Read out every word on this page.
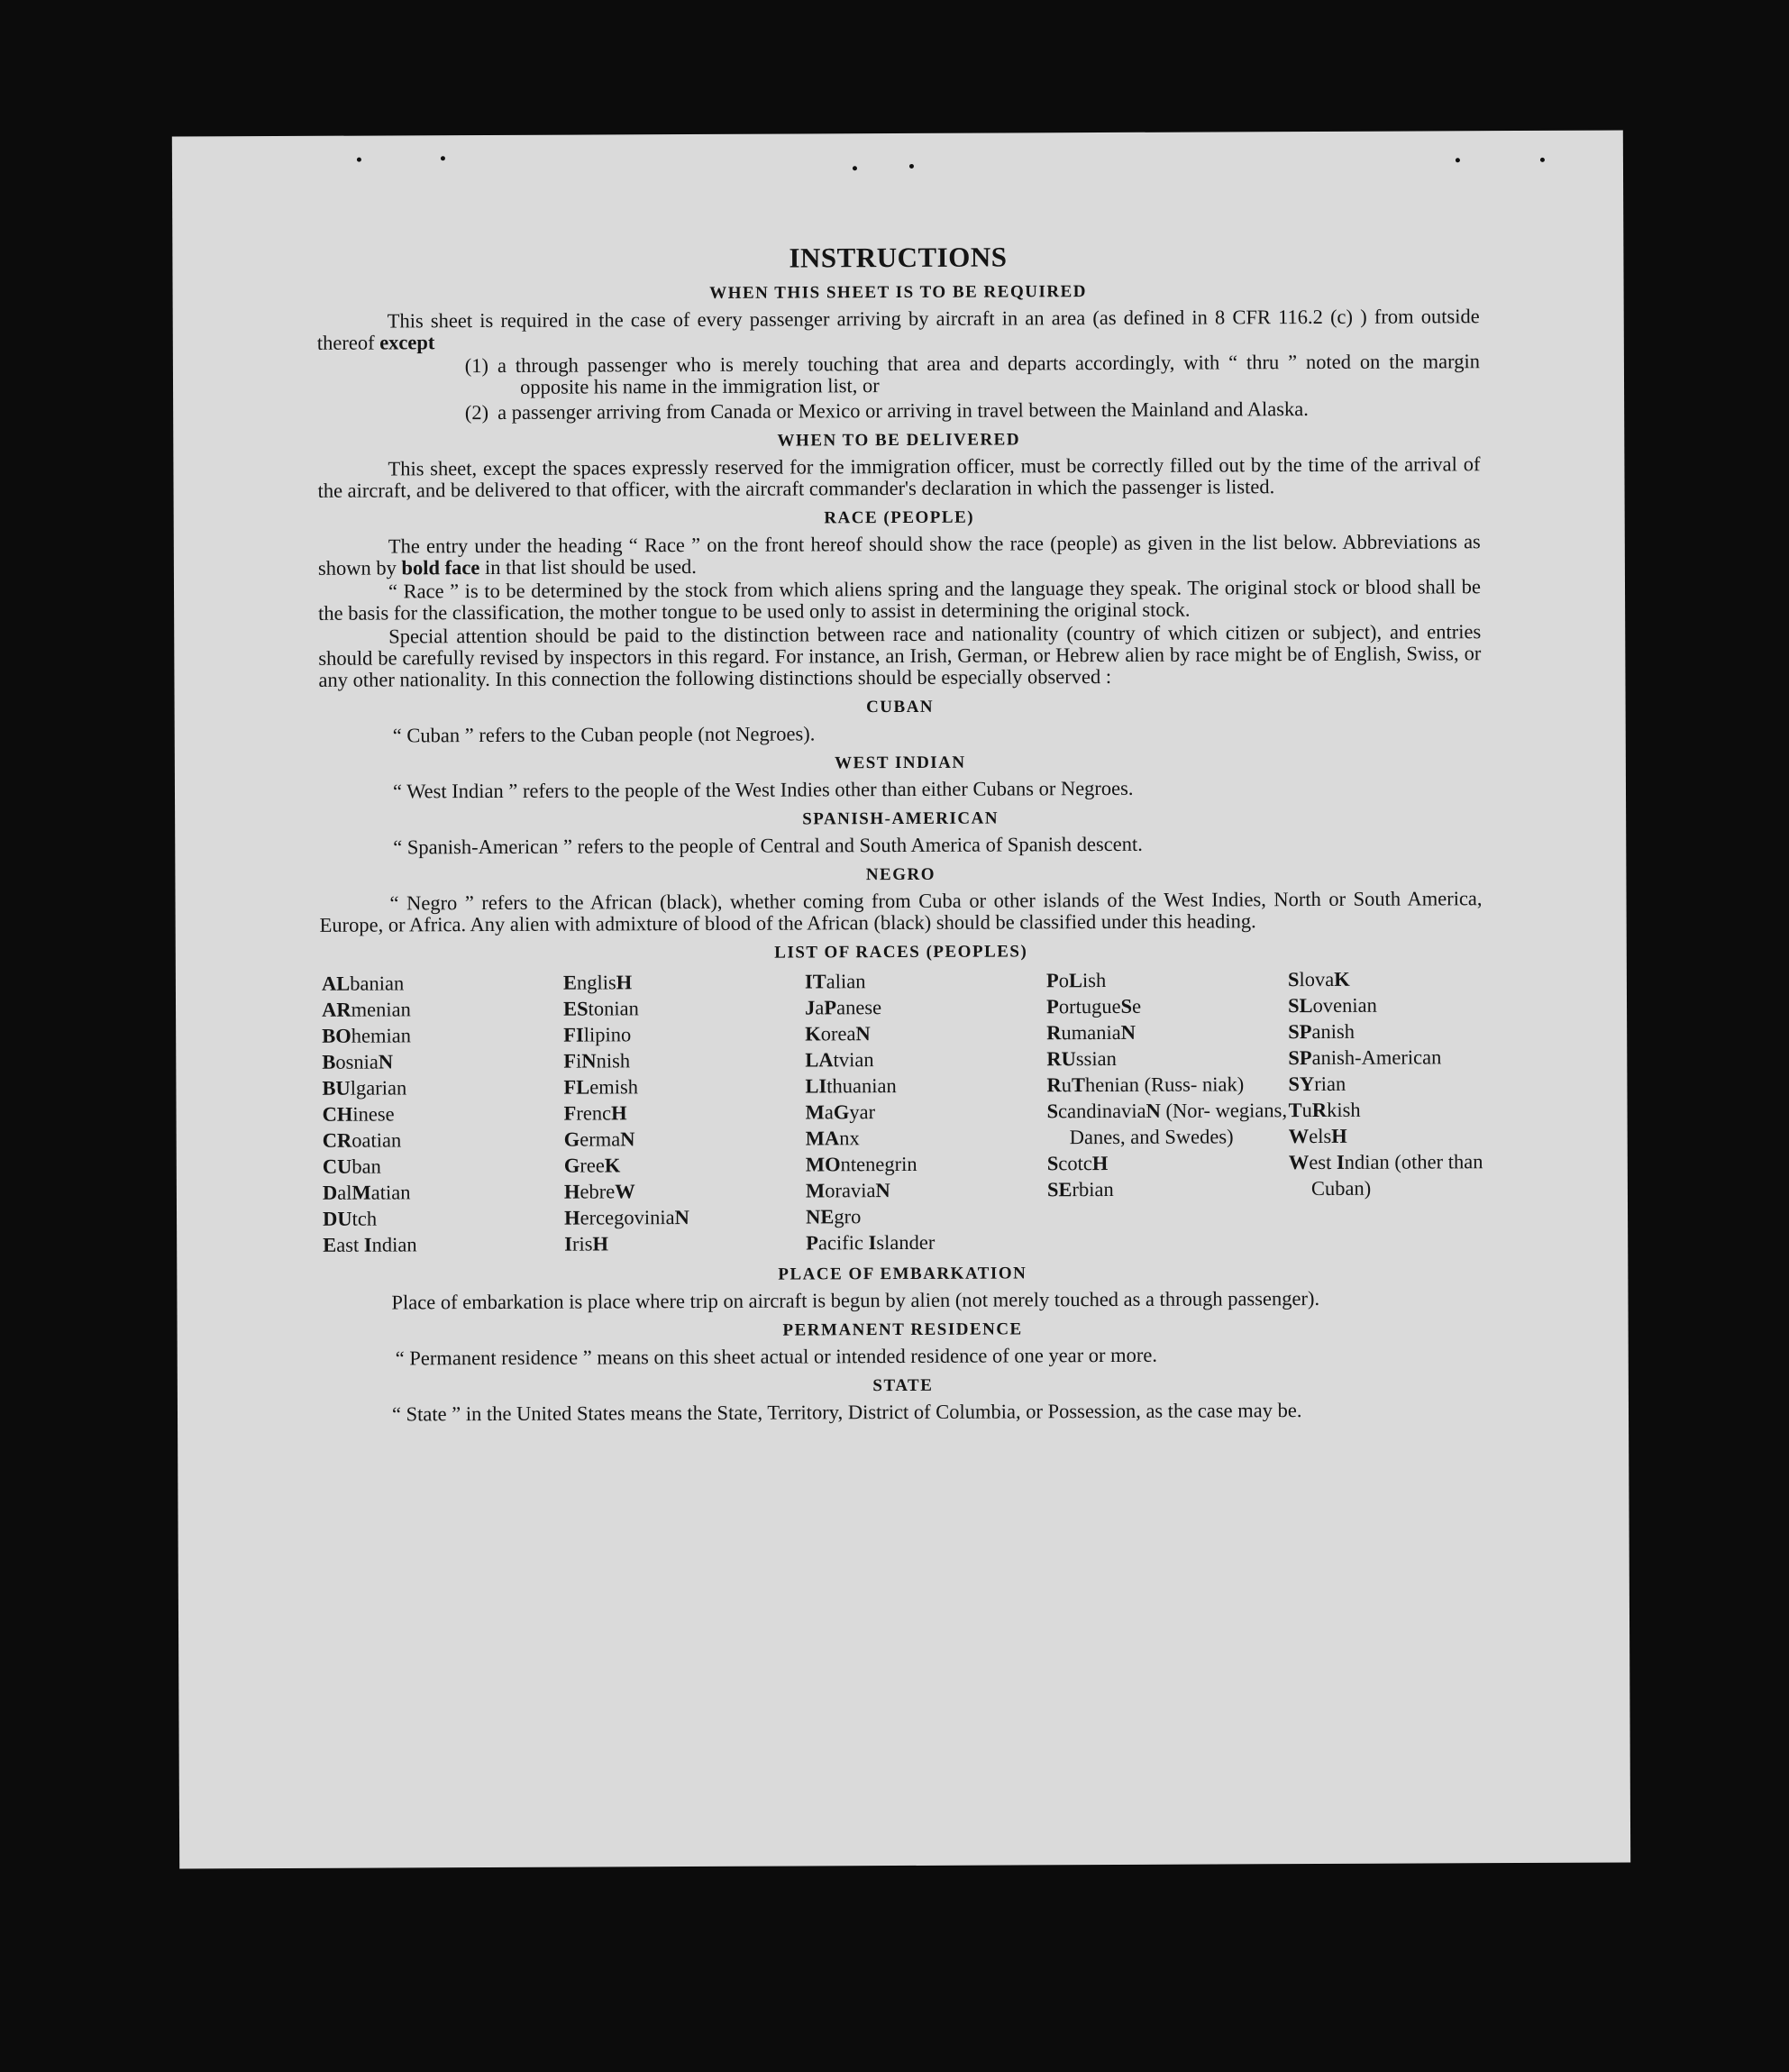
INSTRUCTIONS
WHEN THIS SHEET IS TO BE REQUIRED

This sheet is required in the case of every passenger arriving by aircraft in an area (as defined in 8 CFR 116.2 (c) ) from outside thereof except

(1) a through passenger who is merely touching that area and departs accordingly, with “ thru ” noted on the margin opposite his name in the immigration list, or
(2) a passenger arriving from Canada or Mexico or arriving in travel between the Mainland and Alaska.
WHEN TO BE DELIVERED

This sheet, except the spaces expressly reserved for the immigration officer, must be correctly filled out by the time of the arrival of the aircraft, and be delivered to that officer, with the aircraft commander's declaration in which the passenger is listed.

RACE (PEOPLE)

The entry under the heading “ Race ” on the front hereof should show the race (people) as given in the list below. Abbreviations as shown by bold face in that list should be used.

“ Race ” is to be determined by the stock from which aliens spring and the language they speak. The original stock or blood shall be the basis for the classification, the mother tongue to be used only to assist in determining the original stock.

Special attention should be paid to the distinction between race and nationality (country of which citizen or subject), and entries should be carefully revised by inspectors in this regard. For instance, an Irish, German, or Hebrew alien by race might be of English, Swiss, or any other nationality. In this connection the following distinctions should be especially observed :

CUBAN
“ Cuban ” refers to the Cuban people (not Negroes).
WEST INDIAN
“ West Indian ” refers to the people of the West Indies other than either Cubans or Negroes.
SPANISH-AMERICAN
“ Spanish-American ” refers to the people of Central and South America of Spanish descent.
NEGRO

“ Negro ” refers to the African (black), whether coming from Cuba or other islands of the West Indies, North or South America, Europe, or Africa. Any alien with admixture of blood of the African (black) should be classified under this heading.

LIST OF RACES (PEOPLES)
ALbanian
ARmenian
BOhemian
BosniaN
BUlgarian
CHinese
CRoatian
CUban
DalMatian
DUtch
East Indian
EnglisH
EStonian
FIlipino
FiNnish
FLemish
FrencH
GermaN
GreeK
HebreW
HercegoviniaN
IrisH
ITalian
JaPanese
KoreaN
LAtvian
LIthuanian
MaGyar
MAnx
MOntenegrin
MoraviaN
NEgro
Pacific Islander
PoLish
PortugueSe
RumaniaN
RUssian
RuThenian (Russ- niak)
ScandinaviaN (Nor- wegians, Danes, and Swedes)
ScotcH
SErbian
SlovaK
SLovenian
SPanish
SPanish-American
SYrian
TuRkish
WelsH
West Indian (other than Cuban)
PLACE OF EMBARKATION

Place of embarkation is place where trip on aircraft is begun by alien (not merely touched as a through passenger).

PERMANENT RESIDENCE
“ Permanent residence ” means on this sheet actual or intended residence of one year or more.
STATE

“ State ” in the United States means the State, Territory, District of Columbia, or Possession, as the case may be.
